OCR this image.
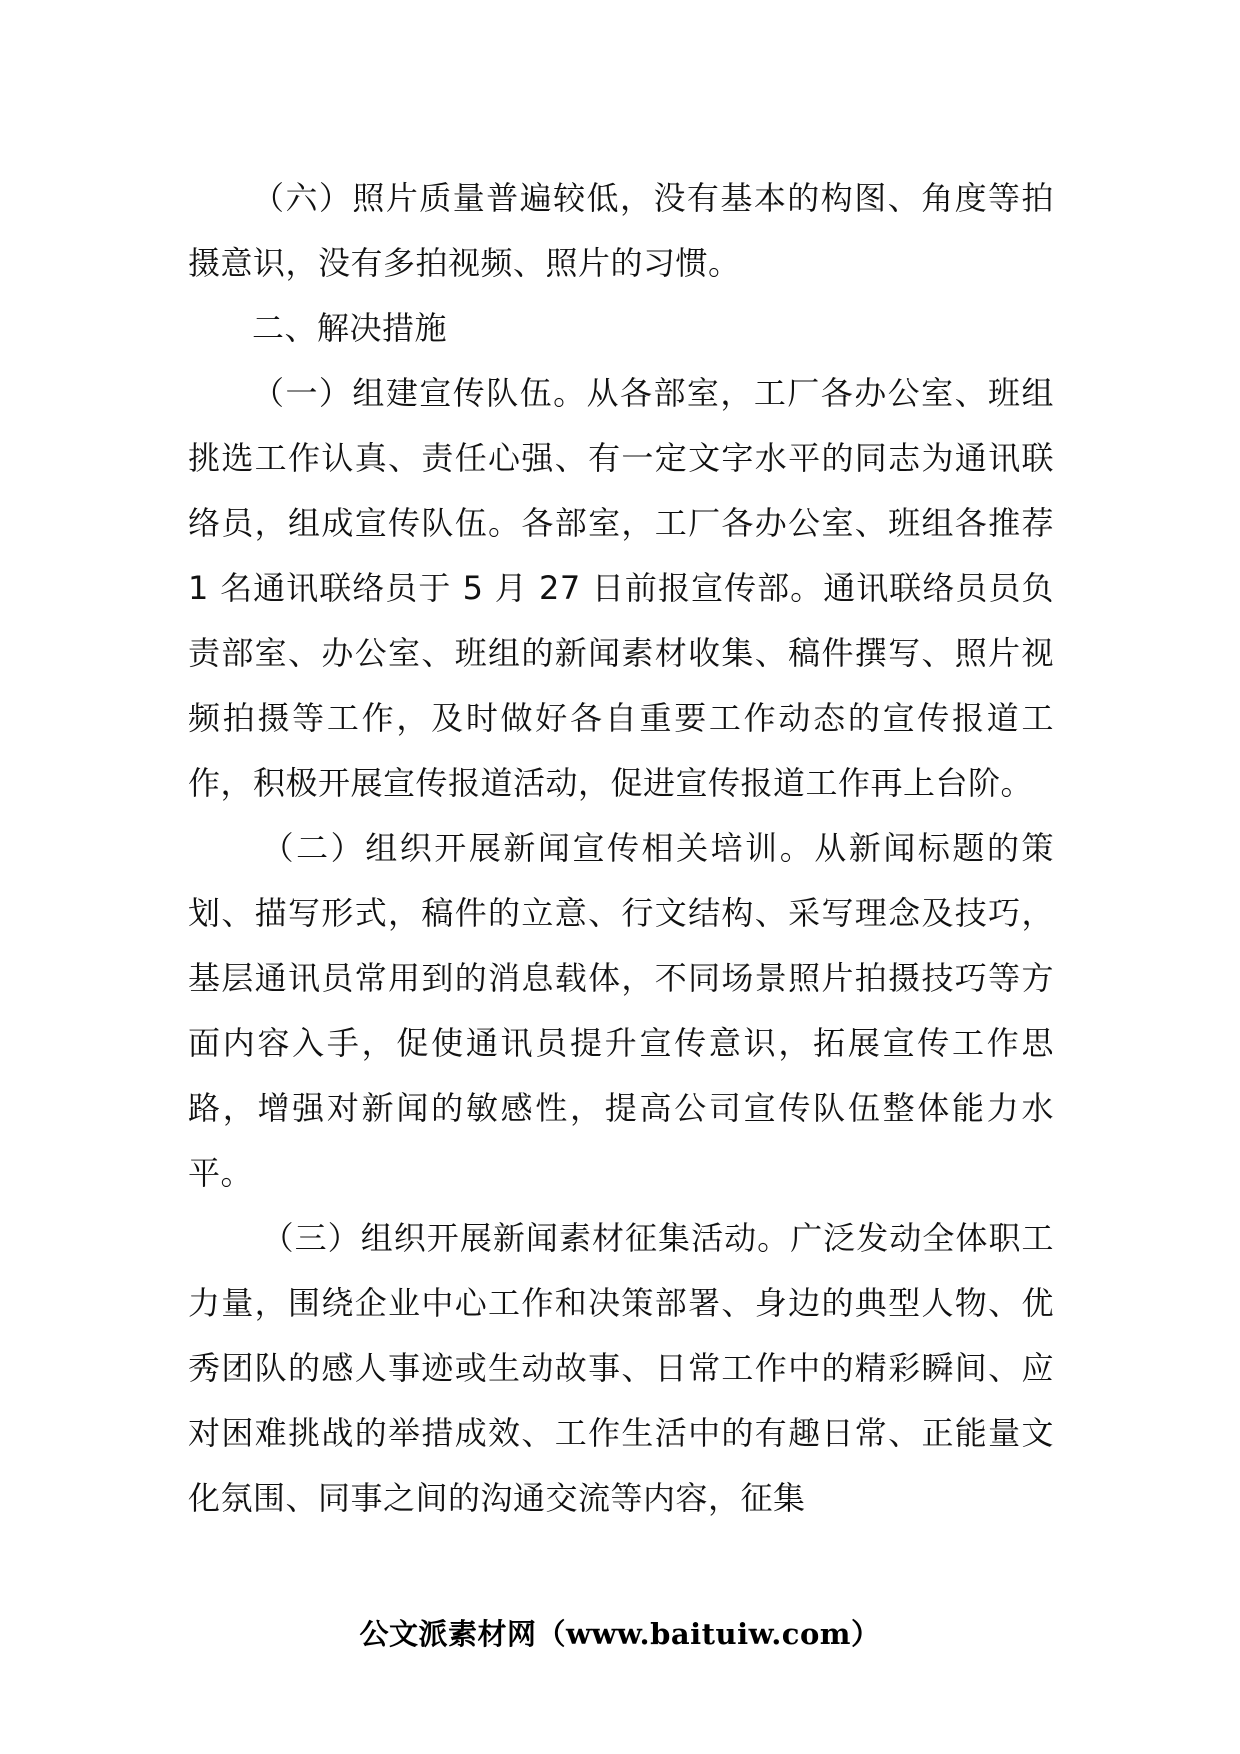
（六）照片质量普遍较低，没有基本的构图、角度等拍摄意识，没有多拍视频、照片的习惯。

二、解决措施

（一）组建宣传队伍。从各部室，工厂各办公室、班组挑选工作认真、责任心强、有一定文字水平的同志为通讯联络员，组成宣传队伍。各部室，工厂各办公室、班组各推荐 1 名通讯联络员于 5 月 27 日前报宣传部。通讯联络员员负责部室、办公室、班组的新闻素材收集、稿件撰写、照片视频拍摄等工作，及时做好各自重要工作动态的宣传报道工作，积极开展宣传报道活动，促进宣传报道工作再上台阶。

（二）组织开展新闻宣传相关培训。从新闻标题的策划、描写形式，稿件的立意、行文结构、采写理念及技巧，基层通讯员常用到的消息载体，不同场景照片拍摄技巧等方面内容入手，促使通讯员提升宣传意识，拓展宣传工作思路，增强对新闻的敏感性，提高公司宣传队伍整体能力水平。

（三）组织开展新闻素材征集活动。广泛发动全体职工力量，围绕企业中心工作和决策部署、身边的典型人物、优秀团队的感人事迹或生动故事、日常工作中的精彩瞬间、应对困难挑战的举措成效、工作生活中的有趣日常、正能量文化氛围、同事之间的沟通交流等内容，征集

公文派素材网（www.baituiw.com）
